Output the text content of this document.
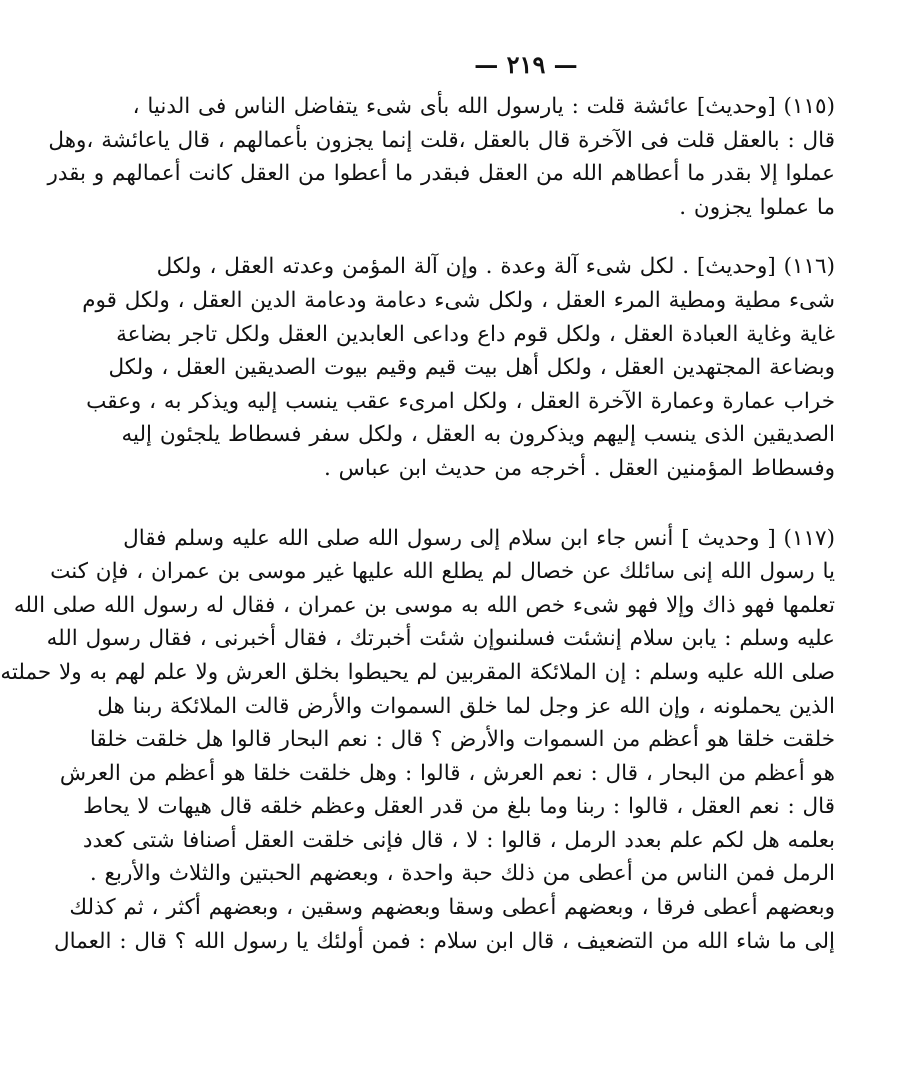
— ٢١٩ —
(١١٥) [وحديث] عائشة قلت : يارسول الله بأى شىء يتفاضل الناس فى الدنيا ،
قال : بالعقل قلت فى الآخرة قال بالعقل ،قلت إنما يجزون بأعمالهم ، قال ياعائشة ،وهل
عملوا إلا بقدر ما أعطاهم الله من العقل فبقدر ما أعطوا من العقل كانت أعمالهم و بقدر
ما عملوا يجزون .
(١١٦) [وحديث] . لكل شىء آلة وعدة . وإن آلة المؤمن وعدته العقل ، ولكل
شىء مطية ومطية المرء العقل ، ولكل شىء دعامة ودعامة الدين العقل ، ولكل قوم
غاية وغاية العبادة العقل ، ولكل قوم داع وداعى العابدين العقل ولكل تاجر بضاعة
وبضاعة المجتهدين العقل ، ولكل أهل بيت قيم وقيم بيوت الصديقين العقل ، ولكل
خراب عمارة وعمارة الآخرة العقل ، ولكل امرىء عقب ينسب إليه ويذكر به ، وعقب
الصديقين الذى ينسب إليهم ويذكرون به العقل ، ولكل سفر فسطاط يلجئون إليه
وفسطاط المؤمنين العقل . أخرجه من حديث ابن عباس .
(١١٧) [ وحديث ] أنس جاء ابن سلام إلى رسول الله صلى الله عليه وسلم فقال
يا رسول الله إنى سائلك عن خصال لم يطلع الله عليها غير موسى بن عمران ، فإن كنت
تعلمها فهو ذاك وإلا فهو شىء خص الله به موسى بن عمران ، فقال له رسول الله صلى الله
عليه وسلم : يابن سلام إنشئت فسلنىوإن شئت أخبرتك ، فقال أخبرنى ، فقال رسول الله
صلى الله عليه وسلم : إن الملائكة المقربين لم يحيطوا بخلق العرش ولا علم لهم به ولا حملته
الذين يحملونه ، وإن الله عز وجل لما خلق السموات والأرض قالت الملائكة ربنا هل
خلقت خلقا هو أعظم من السموات والأرض ؟ قال : نعم البحار قالوا هل خلقت خلقا
هو أعظم من البحار ، قال : نعم العرش ، قالوا : وهل خلقت خلقا هو أعظم من العرش
قال : نعم العقل ، قالوا : ربنا وما بلغ من قدر العقل وعظم خلقه قال هيهات لا يحاط
بعلمه هل لكم علم بعدد الرمل ، قالوا : لا ، قال فإنى خلقت العقل أصنافا شتى كعدد
الرمل فمن الناس من أعطى من ذلك حبة واحدة ، وبعضهم الحبتين والثلاث والأربع .
وبعضهم أعطى فرقا ، وبعضهم أعطى وسقا وبعضهم وسقين ، وبعضهم أكثر ، ثم كذلك
إلى ما شاء الله من التضعيف ، قال ابن سلام : فمن أولئك يا رسول الله ؟ قال : العمال
